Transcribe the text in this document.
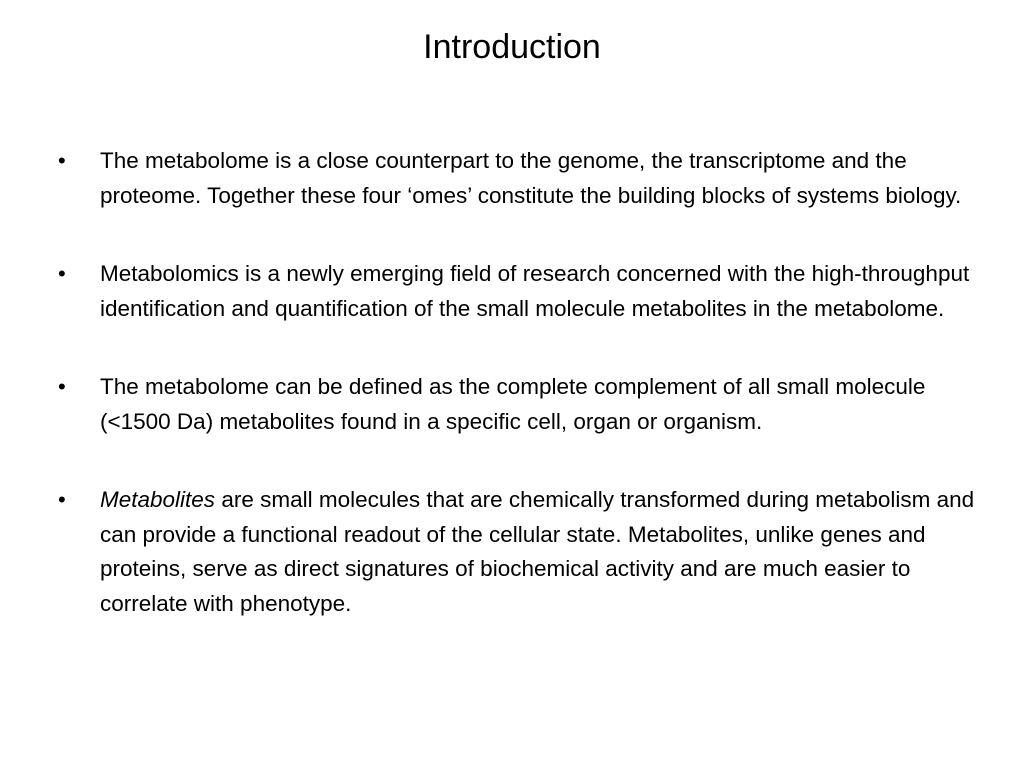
Introduction
•	The metabolome is a close counterpart to the genome, the transcriptome and the proteome. Together these four ‘omes’ constitute the building blocks of systems biology.
•	Metabolomics is a newly emerging field of research concerned with the high-throughput identification and quantification of the small molecule metabolites in the metabolome.
•	The metabolome can be defined as the complete complement of all small molecule (<1500 Da) metabolites found in a specific cell, organ or organism.
•	Metabolites are small molecules that are chemically transformed during metabolism and can provide a functional readout of the cellular state. Metabolites, unlike genes and proteins, serve as direct signatures of biochemical activity and are much easier to correlate with phenotype.
